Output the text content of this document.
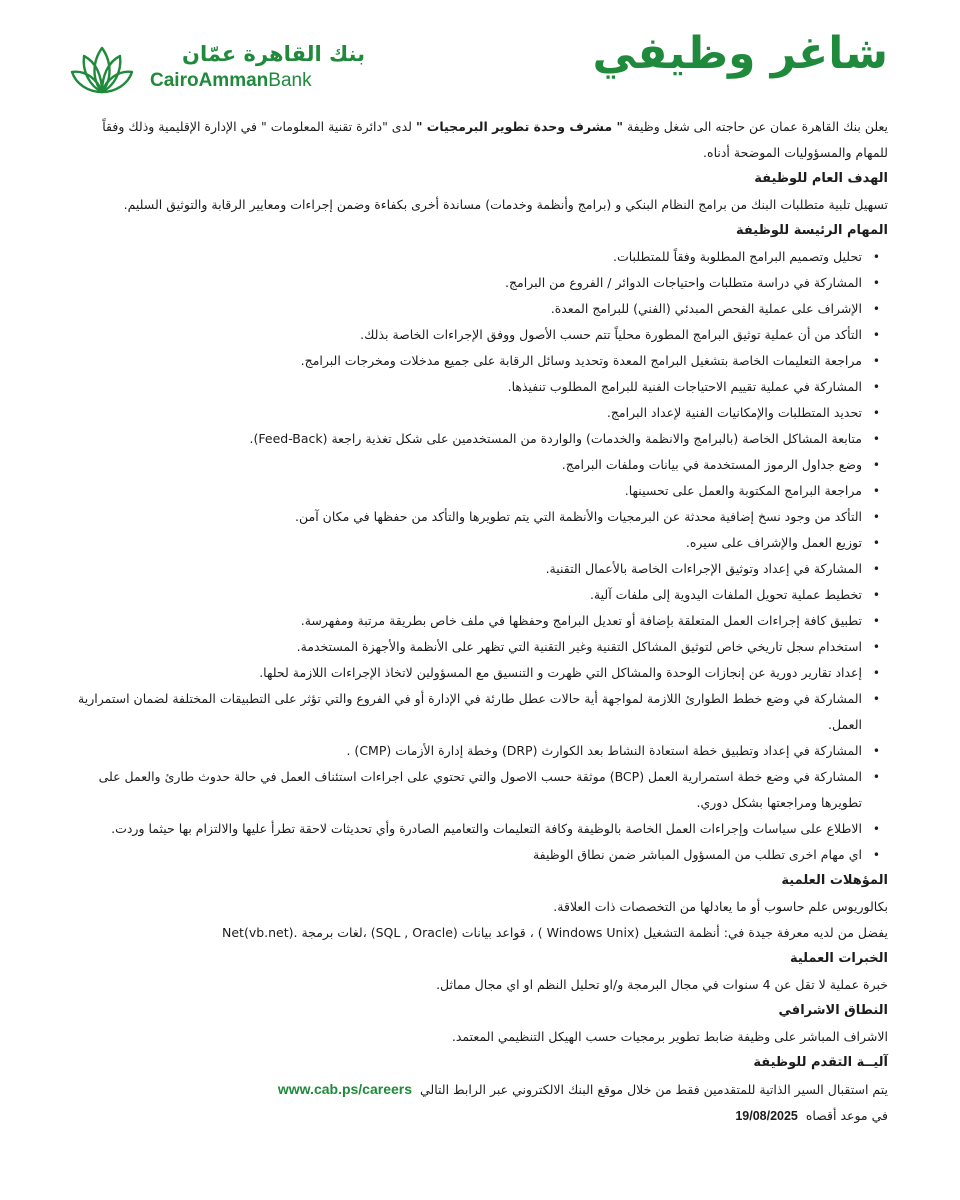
شاغر وظيفي
بنك القاهرة عمّان
CairoAmmanBank

يعلن بنك القاهرة عمان عن حاجته الى شغل وظيفة " مشرف وحدة تطوير البرمجيات " لدى "دائرة تقنية المعلومات " في الإدارة الإقليمية وذلك وفقاً للمهام والمسؤوليات الموضحة أدناه.

الهدف العام للوظيفة

تسهيل تلبية متطلبات البنك من برامج النظام البنكي و (برامج وأنظمة وخدمات) مساندة أخرى بكفاءة وضمن إجراءات ومعايير الرقابة والتوثيق السليم.

المهام الرئيسة للوظيفة

• تحليل وتصميم البرامج المطلوبة وفقاً للمتطلبات.
• المشاركة في دراسة متطلبات واحتياجات الدوائر / الفروع من البرامج.
• الإشراف على عملية الفحص المبدئي (الفني) للبرامج المعدة.
• التأكد من أن عملية توثيق البرامج المطورة محلياً تتم حسب الأصول ووفق الإجراءات الخاصة بذلك.
• مراجعة التعليمات الخاصة بتشغيل البرامج المعدة وتحديد وسائل الرقابة على جميع مدخلات ومخرجات البرامج.
• المشاركة في عملية تقييم الاحتياجات الفنية للبرامج المطلوب تنفيذها.
• تحديد المتطلبات والإمكانيات الفنية لإعداد البرامج.
• متابعة المشاكل الخاصة (بالبرامج والانظمة والخدمات) والواردة من المستخدمين على شكل تغذية راجعة (Feed-Back).
• وضع جداول الرموز المستخدمة في بيانات وملفات البرامج.
• مراجعة البرامج المكتوبة والعمل على تحسينها.
• التأكد من وجود نسخ إضافية محدثة عن البرمجيات والأنظمة التي يتم تطويرها والتأكد من حفظها في مكان آمن.
• توزيع العمل والإشراف على سيره.
• المشاركة في إعداد وتوثيق الإجراءات الخاصة بالأعمال التقنية.
• تخطيط عملية تحويل الملفات اليدوية إلى ملفات آلية.
• تطبيق كافة إجراءات العمل المتعلقة بإضافة أو تعديل البرامج وحفظها في ملف خاص بطريقة مرتبة ومفهرسة.
• استخدام سجل تاريخي خاص لتوثيق المشاكل التقنية وغير التقنية التي تظهر على الأنظمة والأجهزة المستخدمة.
• إعداد تقارير دورية عن إنجازات الوحدة والمشاكل التي ظهرت و التنسيق مع المسؤولين لاتخاذ الإجراءات اللازمة لحلها.
• المشاركة في وضع خطط الطوارئ اللازمة لمواجهة أية حالات عطل طارئة في الإدارة أو في الفروع والتي تؤثر على التطبيقات المختلفة لضمان استمرارية العمل.
• المشاركة في إعداد وتطبيق خطة استعادة النشاط بعد الكوارث (DRP) وخطة إدارة الأزمات (CMP) .
• المشاركة في وضع خطة استمرارية العمل (BCP) موثقة حسب الاصول والتي تحتوي على اجراءات استئناف العمل في حالة حدوث طارئ والعمل على تطويرها ومراجعتها بشكل دوري.
• الاطلاع على سياسات وإجراءات العمل الخاصة بالوظيفة وكافة التعليمات والتعاميم الصادرة وأي تحديثات لاحقة تطرأ عليها والالتزام بها حيثما وردت.
• اي مهام اخرى تطلب من المسؤول المباشر ضمن نطاق الوظيفة

المؤهلات العلمية

بكالوريوس علم حاسوب أو ما يعادلها من التخصصات ذات العلاقة.

يفضل من لديه معرفة جيدة في: أنظمة التشغيل (Windows Unix ) ، قواعد بيانات (SQL , Oracle) ،لغات برمجة .Net(vb.net)

الخبرات العملية

خبرة عملية لا تقل عن 4 سنوات في مجال البرمجة و/او تحليل النظم او اي مجال مماثل.

النطاق الاشرافي

الاشراف المباشر على وظيفة ضابط تطوير برمجيات حسب الهيكل التنظيمي المعتمد.

آليــة التقدم للوظيفة

يتم استقبال السير الذاتية للمتقدمين فقط من خلال موقع البنك الالكتروني عبر الرابط التالي  www.cab.ps/careers

في موعد أقصاه  19/08/2025
